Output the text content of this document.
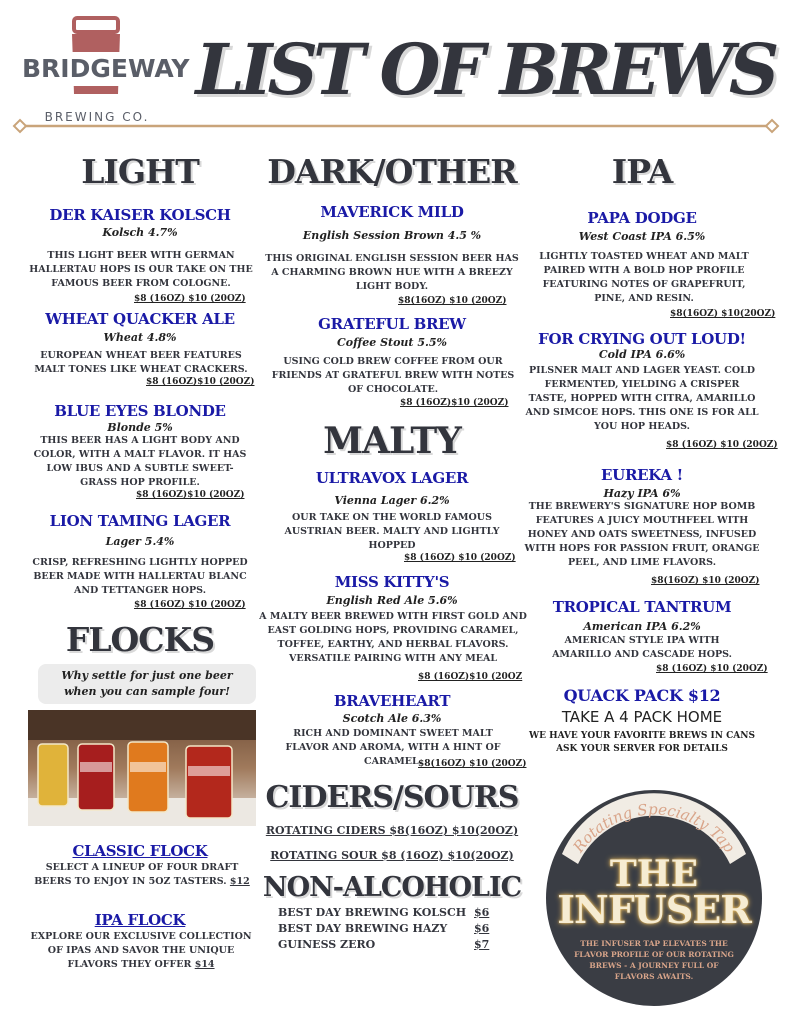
BRIDGEWAY
BREWING CO.
LIST OF BREWS
LIGHT
DER KAISER KOLSCH
Kolsch 4.7%
THIS LIGHT BEER WITH GERMAN HALLERTAU HOPS IS OUR TAKE ON THE FAMOUS BEER FROM COLOGNE.
$8 (16OZ) $10 (20OZ)
WHEAT QUACKER ALE
Wheat 4.8%
EUROPEAN WHEAT BEER FEATURES MALT TONES LIKE WHEAT CRACKERS.
$8 (16OZ)$10 (20OZ)
BLUE EYES BLONDE
Blonde 5%
THIS BEER HAS A LIGHT BODY AND COLOR, WITH A MALT FLAVOR. IT HAS LOW IBUS AND A SUBTLE SWEET-GRASS HOP PROFILE.
$8 (16OZ)$10 (20OZ)
LION TAMING LAGER
Lager 5.4%
CRISP, REFRESHING LIGHTLY HOPPED BEER MADE WITH HALLERTAU BLANC AND TETTANGER HOPS.
$8 (16OZ) $10 (20OZ)
FLOCKS
Why settle for just one beer when you can sample four!
CLASSIC FLOCK
SELECT A LINEUP OF FOUR DRAFT BEERS TO ENJOY IN 5OZ TASTERS. $12
IPA FLOCK
EXPLORE OUR EXCLUSIVE COLLECTION OF IPAS AND SAVOR THE UNIQUE FLAVORS THEY OFFER $14
DARK/OTHER
MAVERICK MILD
English Session Brown 4.5 %
THIS ORIGINAL ENGLISH SESSION BEER HAS A CHARMING BROWN HUE WITH A BREEZY LIGHT BODY.
$8(16OZ) $10 (20OZ)
GRATEFUL BREW
Coffee Stout 5.5%
USING COLD BREW COFFEE FROM OUR FRIENDS AT GRATEFUL BREW WITH NOTES OF CHOCOLATE.
$8 (16OZ)$10 (20OZ)
MALTY
ULTRAVOX LAGER
Vienna Lager 6.2%
OUR TAKE ON THE WORLD FAMOUS AUSTRIAN BEER. MALTY AND LIGHTLY HOPPED
$8 (16OZ) $10 (20OZ)
MISS KITTY'S
English Red Ale 5.6%
A MALTY BEER BREWED WITH FIRST GOLD AND EAST GOLDING HOPS, PROVIDING CARAMEL, TOFFEE, EARTHY, AND HERBAL FLAVORS. VERSATILE PAIRING WITH ANY MEAL
$8 (16OZ)$10 (20OZ
BRAVEHEART
Scotch Ale 6.3%
RICH AND DOMINANT SWEET MALT FLAVOR AND AROMA, WITH A HINT OF CARAMEL.
$8(16OZ) $10 (20OZ)
CIDERS/SOURS
ROTATING CIDERS $8(16OZ) $10(20OZ)
ROTATING SOUR $8 (16OZ) $10(20OZ)
NON-ALCOHOLIC
BEST DAY BREWING KOLSCH $6
BEST DAY BREWING HAZY $6
GUINESS ZERO	$7
IPA
PAPA DODGE
West Coast IPA 6.5%
LIGHTLY TOASTED WHEAT AND MALT PAIRED WITH A BOLD HOP PROFILE FEATURING NOTES OF GRAPEFRUIT, PINE, AND RESIN.
$8(16OZ) $10(20OZ)
FOR CRYING OUT LOUD!
Cold IPA 6.6%
PILSNER MALT AND LAGER YEAST. COLD FERMENTED, YIELDING A CRISPER TASTE, HOPPED WITH CITRA, AMARILLO AND SIMCOE HOPS. THIS ONE IS FOR ALL YOU HOP HEADS.
$8 (16OZ) $10 (20OZ)
EUREKA !
Hazy IPA 6%
THE BREWERY'S SIGNATURE HOP BOMB FEATURES A JUICY MOUTHFEEL WITH HONEY AND OATS SWEETNESS, INFUSED WITH HOPS FOR PASSION FRUIT, ORANGE PEEL, AND LIME FLAVORS.
$8(16OZ) $10 (20OZ)
TROPICAL TANTRUM
American IPA 6.2%
AMERICAN STYLE IPA WITH AMARILLO AND CASCADE HOPS.
$8 (16OZ) $10 (20OZ)
QUACK PACK $12
TAKE A 4 PACK HOME
WE HAVE YOUR FAVORITE BREWS IN CANS
ASK YOUR SERVER FOR DETAILS
Rotating Specialty Tap
THE
INFUSER
THE INFUSER TAP ELEVATES THE FLAVOR PROFILE OF OUR ROTATING BREWS - A JOURNEY FULL OF FLAVORS AWAITS.
